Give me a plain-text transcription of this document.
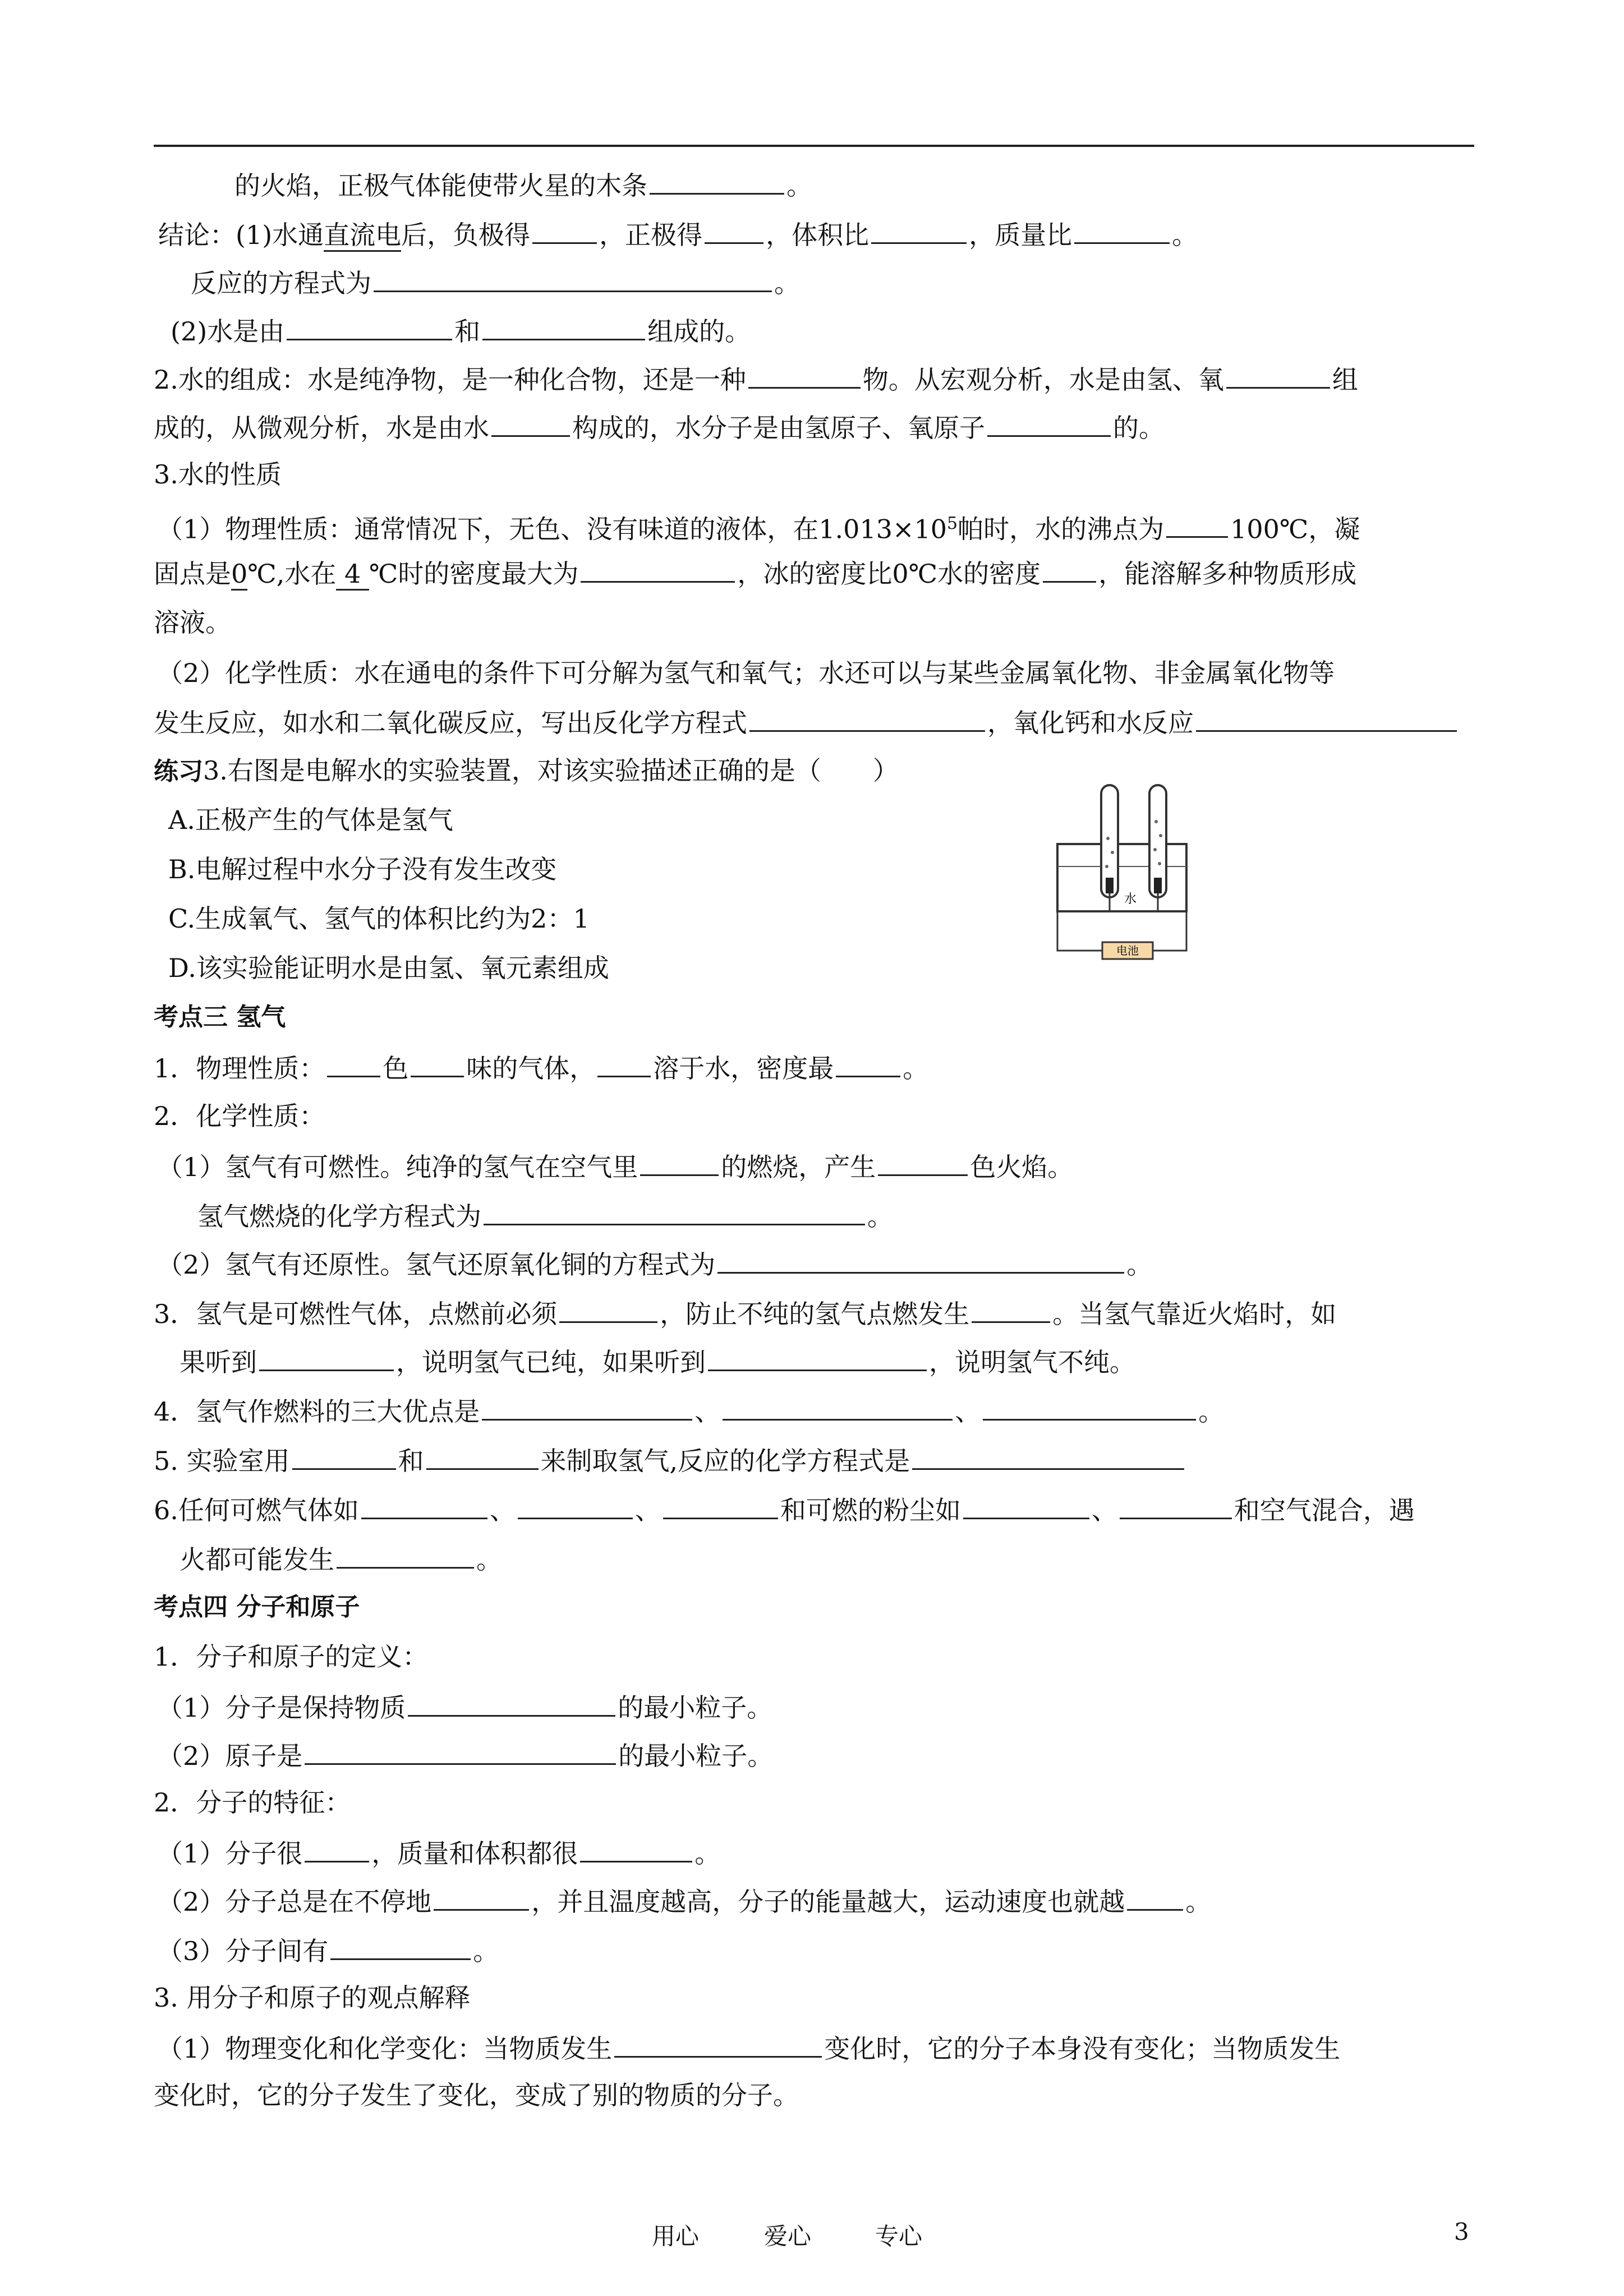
的火焰，正极气体能使带火星的木条	。
结论：(1)水通直流电后，负极得	，正极得 ，体积比	，质量比	。
反应的方程式为	。
(2)水是由	和	组成的。
2.水的组成：水是纯净物，是一种化合物，还是一种	物。从宏观分析，水是由氢、氧	组
成的，从微观分析，水是由水	构成的，水分子是由氢原子、氧原子	的。
3.水的性质
（1）物理性质：通常情况下，无色、没有味道的液体，在$1.013\times 10^5$帕时，水的沸点为	100℃，凝
固点是0℃,水在 4 ℃时的密度最大为	，冰的密度比0℃水的密度 ，能溶解多种物质形成
溶液。
（2）化学性质：水在通电的条件下可分解为氢气和氧气；水还可以与某些金属氧化物、非金属氧化物等
发生反应，如水和二氧化碳反应，写出反化学方程式	，氧化钙和水反应
练习3.右图是电解水的实验装置，对该实验描述正确的是（　　）
A.正极产生的气体是氢气
B.电解过程中水分子没有发生改变
C.生成氧气、氢气的体积比约为2：1
D.该实验能证明水是由氢、氧元素组成
水
电池
考点三 氢气
1．物理性质： 色 味的气体， 溶于水，密度最	。
2．化学性质：
（1）氢气有可燃性。纯净的氢气在空气里	的燃烧，产生	色火焰。
氢气燃烧的化学方程式为	。
（2）氢气有还原性。氢气还原氧化铜的方程式为	。
3．氢气是可燃性气体，点燃前必须	，防止不纯的氢气点燃发生	。当氢气靠近火焰时，如
果听到	，说明氢气已纯，如果听到	，说明氢气不纯。
4．氢气作燃料的三大优点是	、	、	。
5. 实验室用	和	来制取氢气,反应的化学方程式是
6.任何可燃气体如	、	、	和可燃的粉尘如	、	和空气混合，遇
火都可能发生	。
考点四 分子和原子
1．分子和原子的定义：
（1）分子是保持物质	的最小粒子。
（2）原子是	的最小粒子。
2．分子的特征：
（1）分子很	，质量和体积都很	。
（2）分子总是在不停地	，并且温度越高，分子的能量越大，运动速度也就越 。
（3）分子间有	。
3. 用分子和原子的观点解释
（1）物理变化和化学变化：当物质发生	变化时，它的分子本身没有变化；当物质发生
变化时，它的分子发生了变化，变成了别的物质的分子。
用心	爱心	专心	3
